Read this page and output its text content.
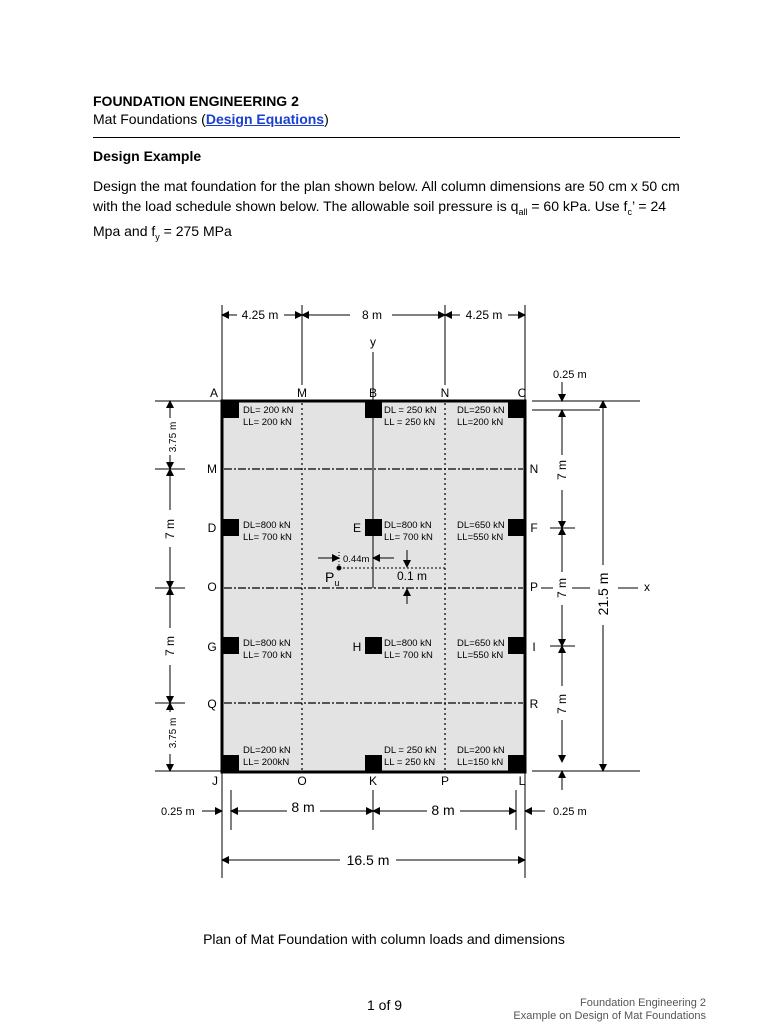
FOUNDATION ENGINEERING 2
Mat Foundations (Design Equations)
Design Example
Design the mat foundation for the plan shown below. All column dimensions are 50 cm x 50 cm with the load schedule shown below. The allowable soil pressure is $q_{all} = 60$ kPa. Use $f_c$’ = 24 Mpa and $f_y = 275$ MPa
4.25 m	8 m	4.25 m
y
A	M	B	N	C
J	O	K	P	L
M
D
O
G
Q
N
F
P
I
R
E
H
DL= 200 kN
LL= 200 kN
DL = 250 kN
LL = 250 kN
DL=250 kN
LL=200 kN
DL=800 kN
LL= 700 kN
DL=800 kN
LL= 700 kN
DL=650 kN
LL=550 kN
DL=800 kN
LL= 700 kN
DL=800 kN
LL= 700 kN
DL=650 kN
LL=550 kN
DL=200 kN
LL= 200kN
DL = 250 kN
LL = 250 kN
DL=200 kN
LL=150 kN
0.44m
0.1 m
$P_u$	x
3.75 m
7 m
7 m
3.75 m
0.25 m
7 m
7 m
7 m
21.5 m
0.25 m	8 m	8 m	0.25 m
16.5 m
Plan of Mat Foundation with column loads and dimensions
1 of 9	Foundation Engineering 2
Example on Design of Mat Foundations
